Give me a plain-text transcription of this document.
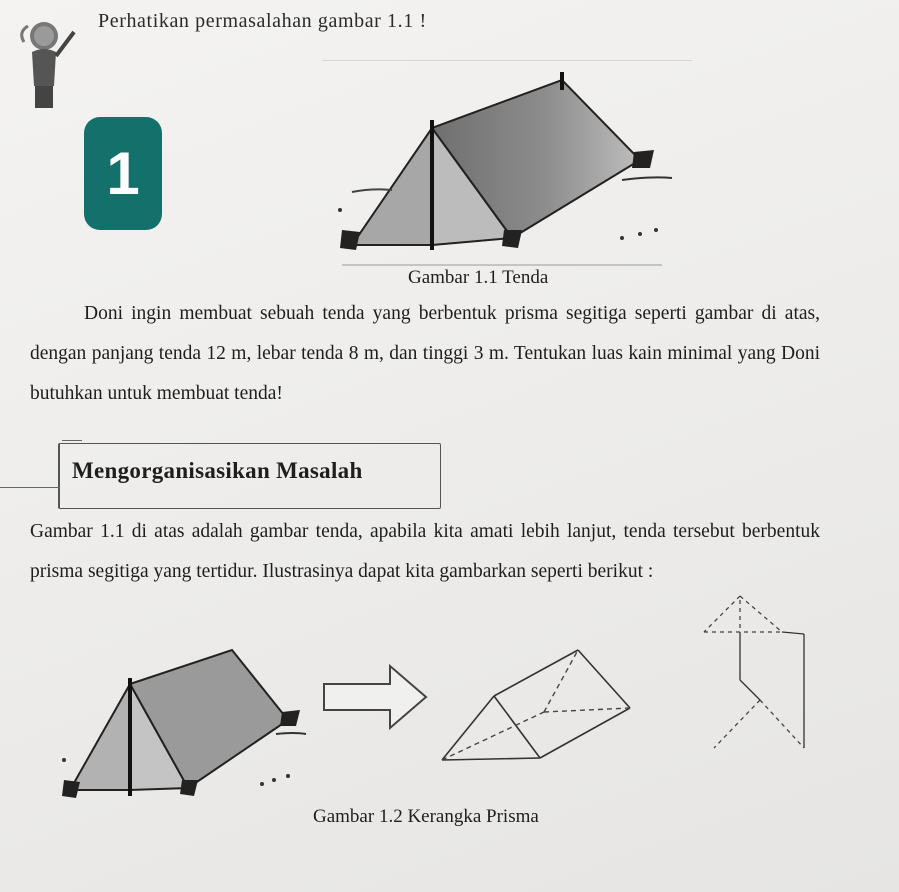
Perhatikan permasalahan gambar 1.1 !
1
Gambar 1.1 Tenda
Doni ingin membuat sebuah tenda yang berbentuk prisma segitiga seperti gambar di atas, dengan panjang tenda 12 m, lebar tenda 8 m, dan tinggi 3 m. Tentukan luas kain minimal yang Doni butuhkan untuk membuat tenda!
Mengorganisasikan Masalah
Gambar 1.1 di atas adalah gambar tenda, apabila kita amati lebih lanjut, tenda tersebut berbentuk prisma segitiga yang tertidur. Ilustrasinya dapat kita gambarkan seperti berikut :
Gambar 1.2 Kerangka Prisma
